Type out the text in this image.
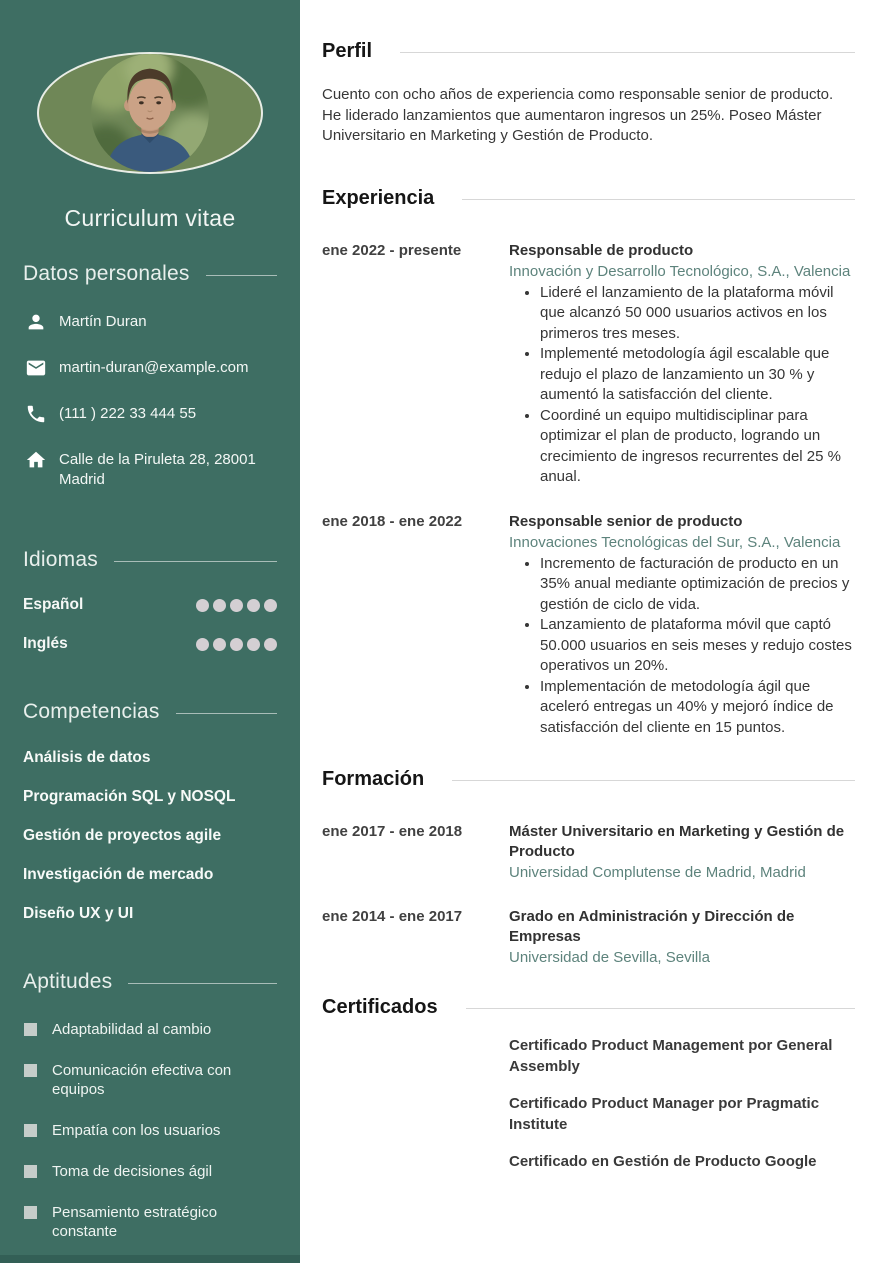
Curriculum vitae
Datos personales
Martín Duran
martin-duran@example.com
(111 ) 222 33 444 55
Calle de la Piruleta 28, 28001 Madrid
Idiomas
Español
Inglés
Competencias
Análisis de datos
Programación SQL y NOSQL
Gestión de proyectos agile
Investigación de mercado
Diseño UX y UI
Aptitudes
Adaptabilidad al cambio
Comunicación efectiva con equipos
Empatía con los usuarios
Toma de decisiones ágil
Pensamiento estratégico constante
Perfil

Cuento con ocho años de experiencia como responsable senior de producto. He liderado lanzamientos que aumentaron ingresos un 25%. Poseo Máster Universitario en Marketing y Gestión de Producto.

Experiencia
ene 2022 - presente	Responsable de producto
Innovación y Desarrollo Tecnológico, S.A., Valencia
• Lideré el lanzamiento de la plataforma móvil que alcanzó 50 000 usuarios activos en los primeros tres meses.
• Implementé metodología ágil escalable que redujo el plazo de lanzamiento un 30 % y aumentó la satisfacción del cliente.
• Coordiné un equipo multidisciplinar para optimizar el plan de producto, logrando un crecimiento de ingresos recurrentes del 25 % anual.
ene 2018 - ene 2022	Responsable senior de producto
Innovaciones Tecnológicas del Sur, S.A., Valencia
• Incremento de facturación de producto en un 35% anual mediante optimización de precios y gestión de ciclo de vida.
• Lanzamiento de plataforma móvil que captó 50.000 usuarios en seis meses y redujo costes operativos un 20%.
• Implementación de metodología ágil que aceleró entregas un 40% y mejoró índice de satisfacción del cliente en 15 puntos.
Formación
ene 2017 - ene 2018	Máster Universitario en Marketing y Gestión de Producto
Universidad Complutense de Madrid, Madrid
ene 2014 - ene 2017	Grado en Administración y Dirección de Empresas
Universidad de Sevilla, Sevilla
Certificados
Certificado Product Management por General Assembly
Certificado Product Manager por Pragmatic Institute
Certificado en Gestión de Producto Google
